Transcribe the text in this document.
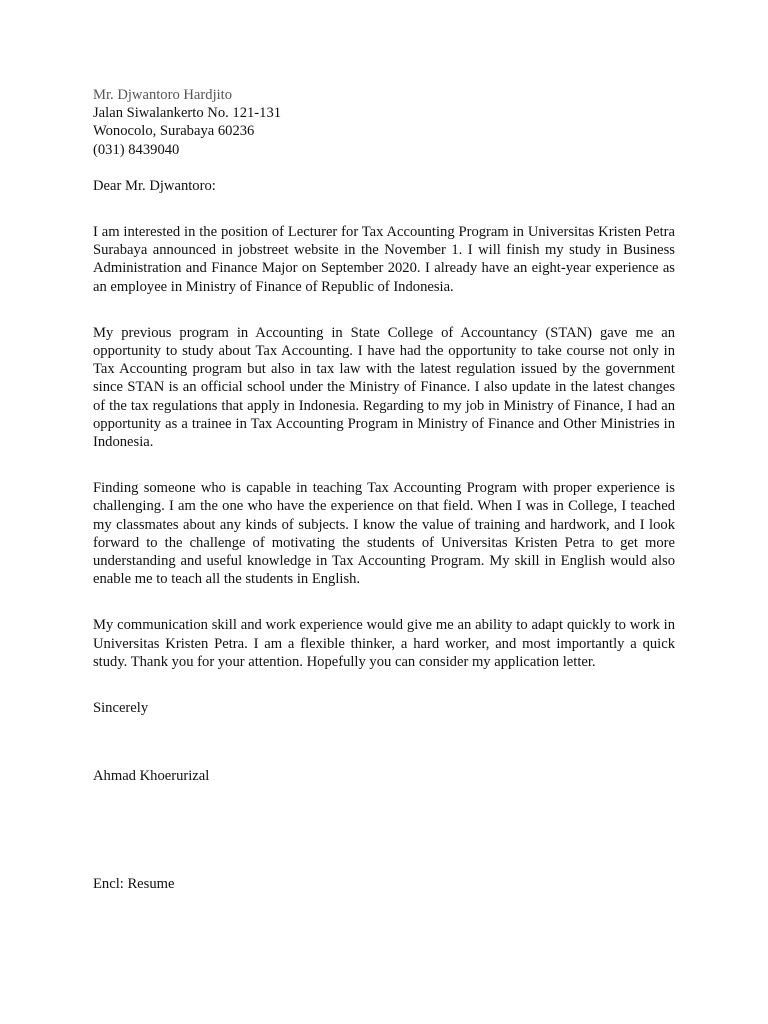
Mr. Djwantoro Hardjito
Jalan Siwalankerto No. 121-131
Wonocolo, Surabaya 60236
(031) 8439040
Dear Mr. Djwantoro:

I am interested in the position of Lecturer for Tax Accounting Program in Universitas Kristen Petra Surabaya announced in jobstreet website in the November 1. I will finish my study in Business Administration and Finance Major on September 2020. I already have an eight-year experience as an employee in Ministry of Finance of Republic of Indonesia.

My previous program in Accounting in State College of Accountancy (STAN) gave me an opportunity to study about Tax Accounting. I have had the opportunity to take course not only in Tax Accounting program but also in tax law with the latest regulation issued by the government since STAN is an official school under the Ministry of Finance. I also update in the latest changes of the tax regulations that apply in Indonesia. Regarding to my job in Ministry of Finance, I had an opportunity as a trainee in Tax Accounting Program in Ministry of Finance and Other Ministries in Indonesia.

Finding someone who is capable in teaching Tax Accounting Program with proper experience is challenging. I am the one who have the experience on that field. When I was in College, I teached my classmates about any kinds of subjects. I know the value of training and hardwork, and I look forward to the challenge of motivating the students of Universitas Kristen Petra to get more understanding and useful knowledge in Tax Accounting Program. My skill in English would also enable me to teach all the students in English.

My communication skill and work experience would give me an ability to adapt quickly to work in Universitas Kristen Petra. I am a flexible thinker, a hard worker, and most importantly a quick study. Thank you for your attention. Hopefully you can consider my application letter.

Sincerely
Ahmad Khoerurizal
Encl: Resume
